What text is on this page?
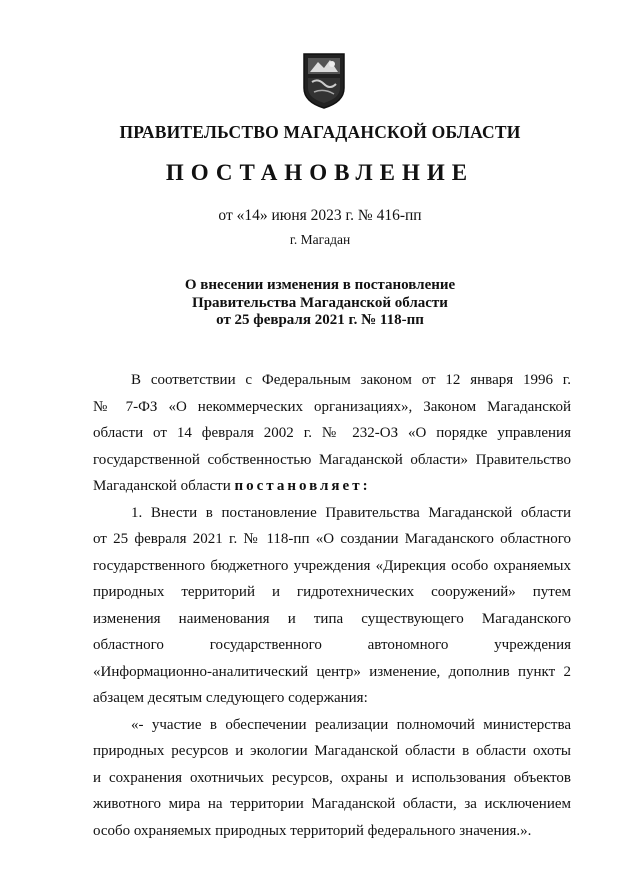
ПРАВИТЕЛЬСТВО МАГАДАНСКОЙ ОБЛАСТИ
ПОСТАНОВЛЕНИЕ
от «14» июня 2023 г. № 416-пп
г. Магадан
О внесении изменения в постановление
Правительства Магаданской области
от 25 февраля 2021 г. № 118-пп
В соответствии с Федеральным законом от 12 января 1996 г.
№ 7-ФЗ «О некоммерческих организациях», Законом Магаданской
области от 14 февраля 2002 г. № 232-ОЗ «О порядке управления
государственной собственностью Магаданской области» Правительство
Магаданской области постановляет:
1. Внести в постановление Правительства Магаданской области
от 25 февраля 2021 г. № 118-пп «О создании Магаданского областного
государственного бюджетного учреждения «Дирекция особо охраняемых
природных территорий и гидротехнических сооружений» путем
изменения наименования и типа существующего Магаданского
областного государственного автономного учреждения
«Информационно-аналитический центр» изменение, дополнив пункт 2
абзацем десятым следующего содержания:
«- участие в обеспечении реализации полномочий министерства
природных ресурсов и экологии Магаданской области в области охоты
и сохранения охотничьих ресурсов, охраны и использования объектов
животного мира на территории Магаданской области, за исключением
особо охраняемых природных территорий федерального значения.».
